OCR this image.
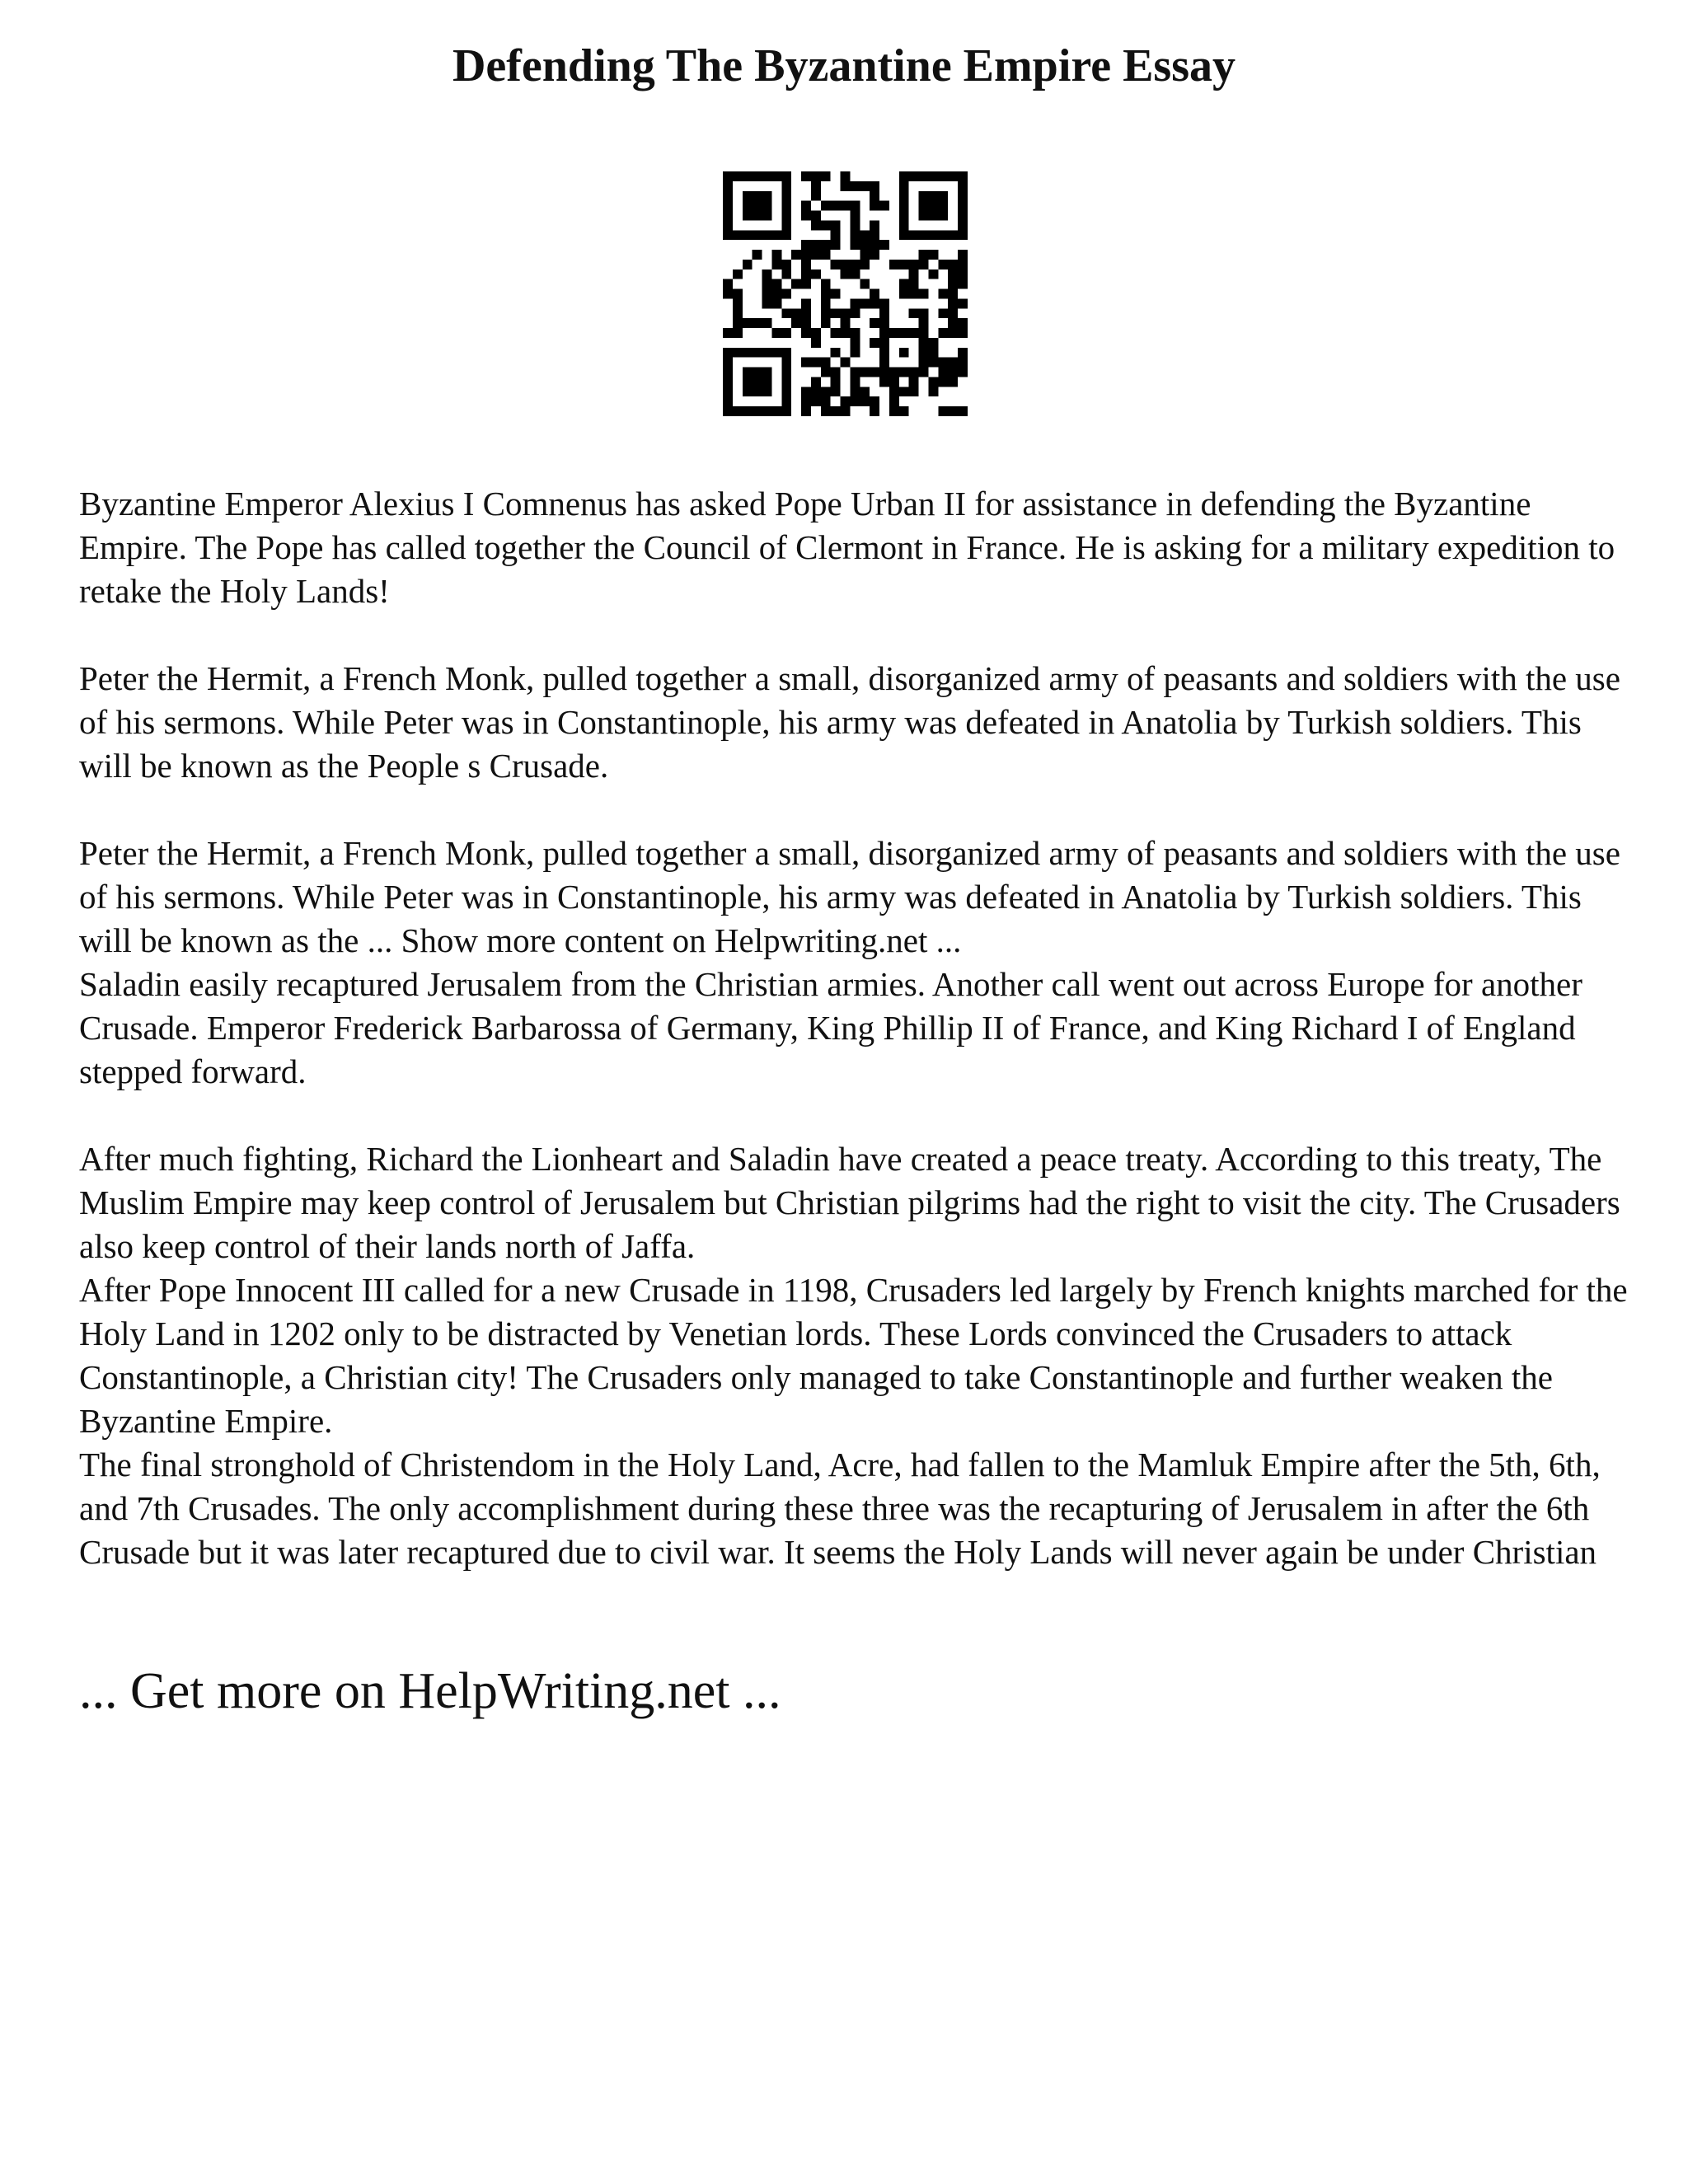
Defending The Byzantine Empire Essay

Byzantine Emperor Alexius I Comnenus has asked Pope Urban II for assistance in defending the Byzantine Empire. The Pope has called together the Council of Clermont in France. He is asking for a military expedition to retake the Holy Lands!

Peter the Hermit, a French Monk, pulled together a small, disorganized army of peasants and soldiers with the use of his sermons. While Peter was in Constantinople, his army was defeated in Anatolia by Turkish soldiers. This will be known as the People s Crusade.

Peter the Hermit, a French Monk, pulled together a small, disorganized army of peasants and soldiers with the use of his sermons. While Peter was in Constantinople, his army was defeated in Anatolia by Turkish soldiers. This will be known as the ... Show more content on Helpwriting.net ...

Saladin easily recaptured Jerusalem from the Christian armies. Another call went out across Europe for another Crusade. Emperor Frederick Barbarossa of Germany, King Phillip II of France, and King Richard I of England stepped forward.

After much fighting, Richard the Lionheart and Saladin have created a peace treaty. According to this treaty, The Muslim Empire may keep control of Jerusalem but Christian pilgrims had the right to visit the city. The Crusaders also keep control of their lands north of Jaffa.

After Pope Innocent III called for a new Crusade in 1198, Crusaders led largely by French knights marched for the Holy Land in 1202 only to be distracted by Venetian lords. These Lords convinced the Crusaders to attack Constantinople, a Christian city! The Crusaders only managed to take Constantinople and further weaken the Byzantine Empire.

The final stronghold of Christendom in the Holy Land, Acre, had fallen to the Mamluk Empire after the 5th, 6th, and 7th Crusades. The only accomplishment during these three was the recapturing of Jerusalem in after the 6th Crusade but it was later recaptured due to civil war. It seems the Holy Lands will never again be under Christian

... Get more on HelpWriting.net ...
